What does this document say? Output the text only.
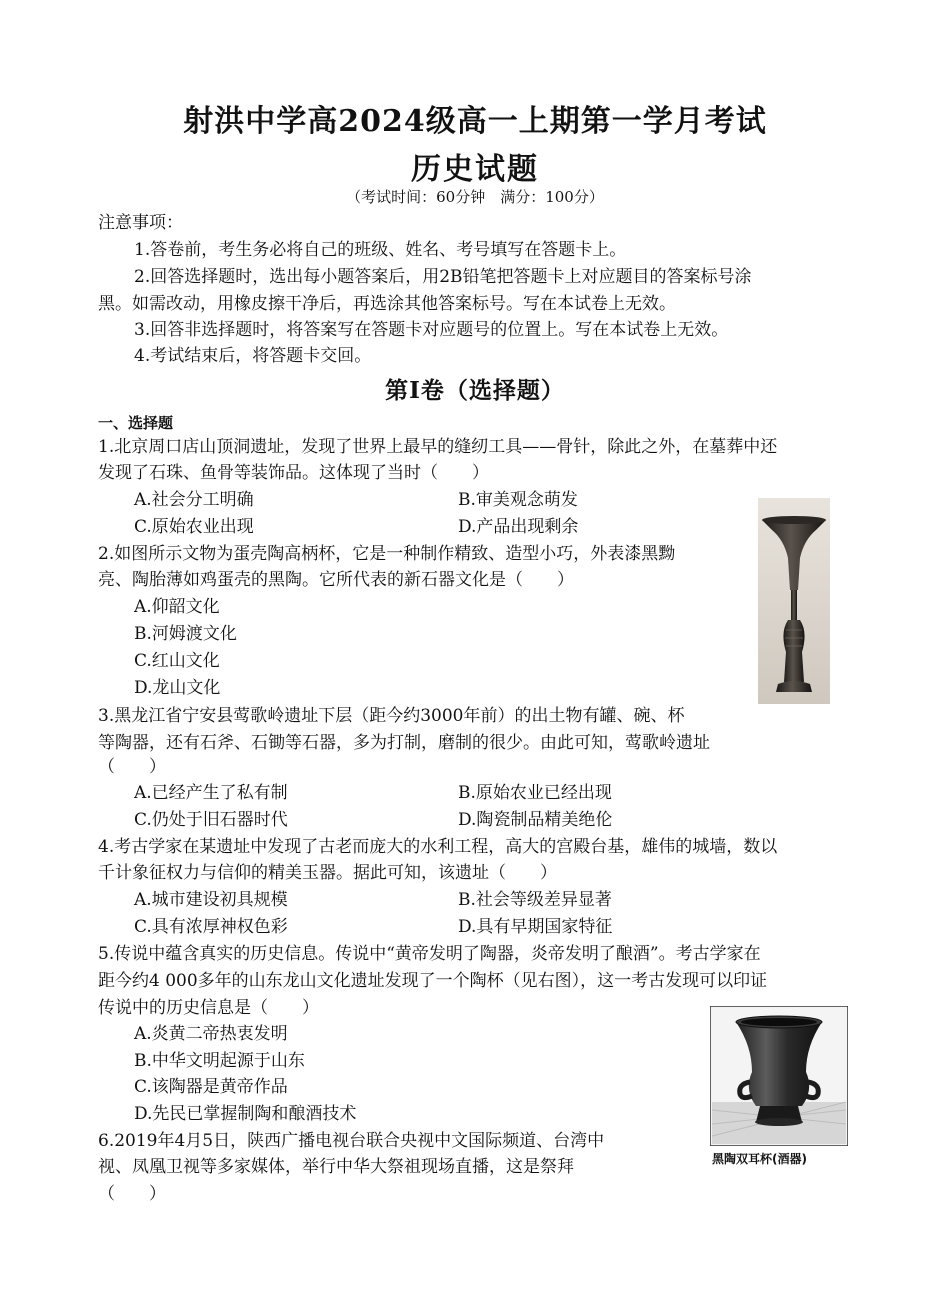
射洪中学高2024级高一上期第一学月考试
历史试题
（考试时间：60分钟　满分：100分）
注意事项：
1.答卷前，考生务必将自己的班级、姓名、考号填写在答题卡上。
2.回答选择题时，选出每小题答案后，用2B铅笔把答题卡上对应题目的答案标号涂
黑。如需改动，用橡皮擦干净后，再选涂其他答案标号。写在本试卷上无效。
3.回答非选择题时，将答案写在答题卡对应题号的位置上。写在本试卷上无效。
4.考试结束后，将答题卡交回。
第Ⅰ卷（选择题）
一、选择题
1.北京周口店山顶洞遗址，发现了世界上最早的缝纫工具——骨针，除此之外，在墓葬中还
发现了石珠、鱼骨等装饰品。这体现了当时（　　）
A.社会分工明确	B.审美观念萌发
C.原始农业出现	D.产品出现剩余
2.如图所示文物为蛋壳陶高柄杯，它是一种制作精致、造型小巧，外表漆黑黝
亮、陶胎薄如鸡蛋壳的黑陶。它所代表的新石器文化是（　　）
A.仰韶文化
B.河姆渡文化
C.红山文化
D.龙山文化
3.黑龙江省宁安县莺歌岭遗址下层（距今约3000年前）的出土物有罐、碗、杯
等陶器，还有石斧、石锄等石器，多为打制，磨制的很少。由此可知，莺歌岭遗址
（　　）
A.已经产生了私有制	B.原始农业已经出现
C.仍处于旧石器时代	D.陶瓷制品精美绝伦
4.考古学家在某遗址中发现了古老而庞大的水利工程，高大的宫殿台基，雄伟的城墙，数以
千计象征权力与信仰的精美玉器。据此可知，该遗址（　　）
A.城市建设初具规模	B.社会等级差异显著
C.具有浓厚神权色彩	D.具有早期国家特征
5.传说中蕴含真实的历史信息。传说中“黄帝发明了陶器，炎帝发明了酿酒”。考古学家在
距今约4 000多年的山东龙山文化遗址发现了一个陶杯（见右图），这一考古发现可以印证
传说中的历史信息是（　　）
A.炎黄二帝热衷发明
B.中华文明起源于山东
C.该陶器是黄帝作品
D.先民已掌握制陶和酿酒技术
6.2019年4月5日，陕西广播电视台联合央视中文国际频道、台湾中
视、凤凰卫视等多家媒体，举行中华大祭祖现场直播，这是祭拜
（　　）
黑陶双耳杯(酒器)
